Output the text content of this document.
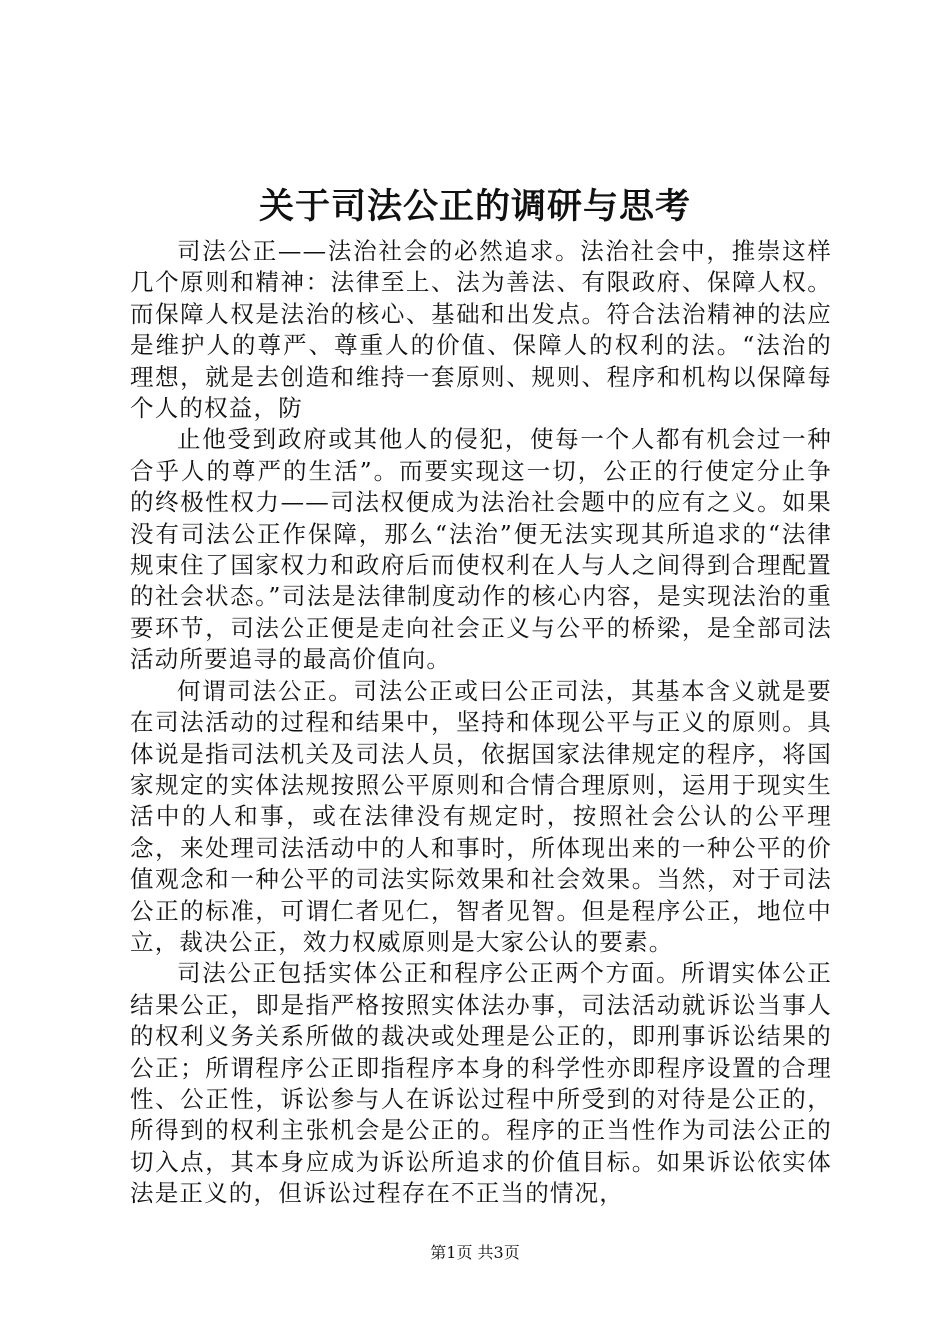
关于司法公正的调研与思考

司法公正——法治社会的必然追求。法治社会中，推崇这样几个原则和精神：法律至上、法为善法、有限政府、保障人权。而保障人权是法治的核心、基础和出发点。符合法治精神的法应是维护人的尊严、尊重人的价值、保障人的权利的法。“法治的理想，就是去创造和维持一套原则、规则、程序和机构以保障每个人的权益，防

止他受到政府或其他人的侵犯，使每一个人都有机会过一种合乎人的尊严的生活”。而要实现这一切，公正的行使定分止争的终极性权力——司法权便成为法治社会题中的应有之义。如果没有司法公正作保障，那么“法治”便无法实现其所追求的“法律规束住了国家权力和政府后而使权利在人与人之间得到合理配置的社会状态。”司法是法律制度动作的核心内容，是实现法治的重要环节，司法公正便是走向社会正义与公平的桥梁，是全部司法活动所要追寻的最高价值向。

何谓司法公正。司法公正或曰公正司法，其基本含义就是要在司法活动的过程和结果中，坚持和体现公平与正义的原则。具体说是指司法机关及司法人员，依据国家法律规定的程序，将国家规定的实体法规按照公平原则和合情合理原则，运用于现实生活中的人和事，或在法律没有规定时，按照社会公认的公平理念，来处理司法活动中的人和事时，所体现出来的一种公平的价值观念和一种公平的司法实际效果和社会效果。当然，对于司法公正的标准，可谓仁者见仁，智者见智。但是程序公正，地位中立，裁决公正，效力权威原则是大家公认的要素。

司法公正包括实体公正和程序公正两个方面。所谓实体公正结果公正，即是指严格按照实体法办事，司法活动就诉讼当事人的权利义务关系所做的裁决或处理是公正的，即刑事诉讼结果的公正；所谓程序公正即指程序本身的科学性亦即程序设置的合理性、公正性，诉讼参与人在诉讼过程中所受到的对待是公正的，所得到的权利主张机会是公正的。程序的正当性作为司法公正的切入点，其本身应成为诉讼所追求的价值目标。如果诉讼依实体法是正义的，但诉讼过程存在不正当的情况，

第1页 共3页
